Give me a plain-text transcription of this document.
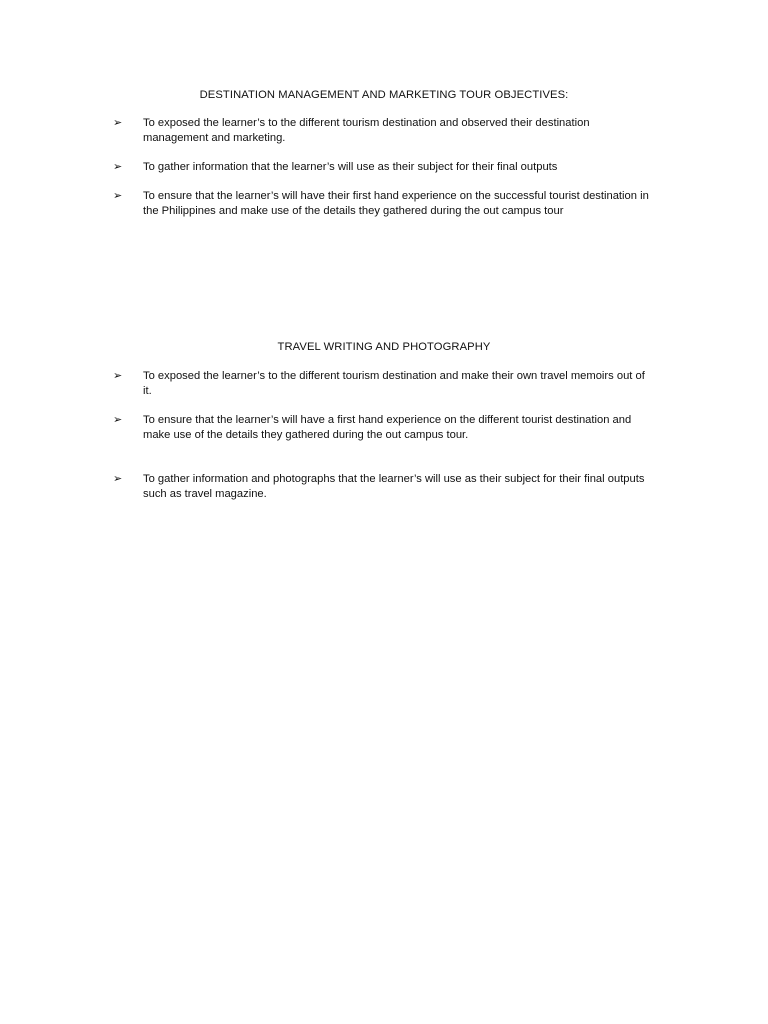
DESTINATION MANAGEMENT AND MARKETING TOUR OBJECTIVES:
➢	To exposed the learner’s to the different tourism destination and observed their destination management and marketing.
➢	To gather information that the learner’s will use as their subject for their final outputs
➢	To ensure that the learner’s will have their first hand experience on the successful tourist destination in the Philippines and make use of the details they gathered during the out campus tour
TRAVEL WRITING AND PHOTOGRAPHY
➢	To exposed the learner’s to the different tourism destination and make their own travel memoirs out of it.
➢	To ensure that the learner’s will have a first hand experience on the different tourist destination and make use of the details they gathered during the out campus tour.
➢	To gather information and photographs that the learner’s will use as their subject for their final outputs such as travel magazine.
